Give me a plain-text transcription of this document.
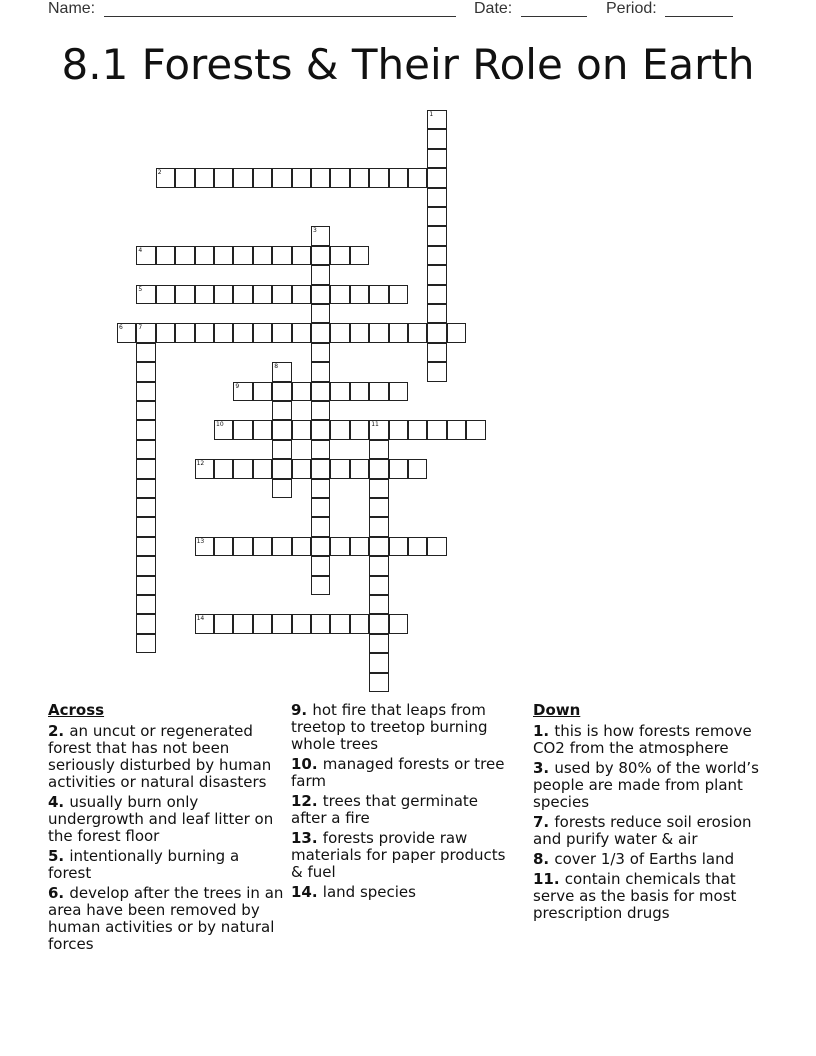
Name:	Date:	Period:
8.1 Forests & Their Role on Earth
1
2
3
4
5
6	7
8
9
10	11
12
13
14
Across
2. an uncut or regenerated forest that has not been seriously disturbed by human activities or natural disasters
4. usually burn only undergrowth and leaf litter on the forest floor
5. intentionally burning a forest
6. develop after the trees in an area have been removed by human activities or by natural forces
9. hot fire that leaps from treetop to treetop burning whole trees
10. managed forests or tree farm
12. trees that germinate after a fire
13. forests provide raw materials for paper products & fuel
14. land species
Down
1. this is how forests remove CO2 from the atmosphere
3. used by 80% of the world’s people are made from plant species
7. forests reduce soil erosion and purify water & air
8. cover 1/3 of Earths land
11. contain chemicals that serve as the basis for most prescription drugs
